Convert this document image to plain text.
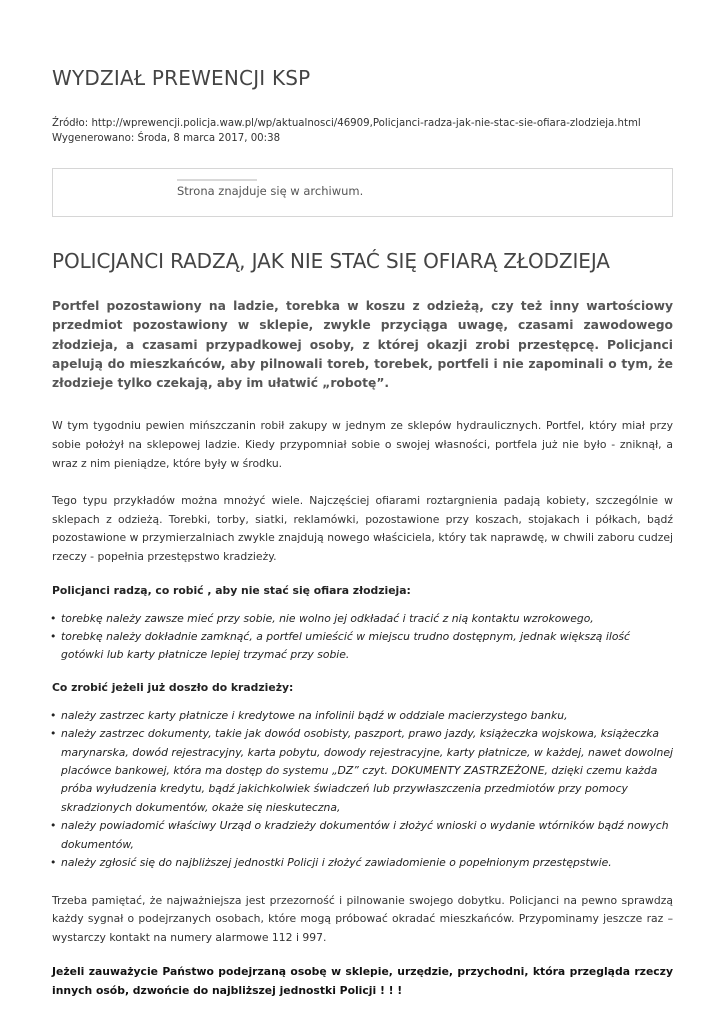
WYDZIAŁ PREWENCJI KSP
Źródło: http://wprewencji.policja.waw.pl/wp/aktualnosci/46909,Policjanci-radza-jak-nie-stac-sie-ofiara-zlodzieja.html
Wygenerowano: Środa, 8 marca 2017, 00:38
Strona znajduje się w archiwum.
POLICJANCI RADZĄ, JAK NIE STAĆ SIĘ OFIARĄ ZŁODZIEJA

Portfel pozostawiony na ladzie, torebka w koszu z odzieżą, czy też inny wartościowy przedmiot pozostawiony w sklepie, zwykle przyciąga uwagę, czasami zawodowego złodzieja, a czasami przypadkowej osoby, z której okazji zrobi przestępcę. Policjanci apelują do mieszkańców, aby pilnowali toreb, torebek, portfeli i nie zapominali o tym, że złodzieje tylko czekają, aby im ułatwić „robotę”.

W tym tygodniu pewien mińszczanin robił zakupy w jednym ze sklepów hydraulicznych. Portfel, który miał przy sobie położył na sklepowej ladzie. Kiedy przypomniał sobie o swojej własności, portfela już nie było - zniknął, a wraz z nim pieniądze, które były w środku.

Tego typu przykładów można mnożyć wiele. Najczęściej ofiarami roztargnienia padają kobiety, szczególnie w sklepach z odzieżą. Torebki, torby, siatki, reklamówki, pozostawione przy koszach, stojakach i półkach, bądź pozostawione w przymierzalniach zwykle znajdują nowego właściciela, który tak naprawdę, w chwili zaboru cudzej rzeczy - popełnia przestępstwo kradzieży.

Policjanci radzą, co robić , aby nie stać się ofiara złodzieja:

• torebkę należy zawsze mieć przy sobie, nie wolno jej odkładać i tracić z nią kontaktu wzrokowego,
• torebkę należy dokładnie zamknąć, a portfel umieścić w miejscu trudno dostępnym, jednak większą ilość gotówki lub karty płatnicze lepiej trzymać przy sobie.

Co zrobić jeżeli już doszło do kradzieży:

• należy zastrzec karty płatnicze i kredytowe na infolinii bądź w oddziale macierzystego banku,
• należy zastrzec dokumenty, takie jak dowód osobisty, paszport, prawo jazdy, książeczka wojskowa, książeczka marynarska, dowód rejestracyjny, karta pobytu, dowody rejestracyjne, karty płatnicze, w każdej, nawet dowolnej placówce bankowej, która ma dostęp do systemu „DZ” czyt. DOKUMENTY ZASTRZEŻONE, dzięki czemu każda próba wyłudzenia kredytu, bądź jakichkolwiek świadczeń lub przywłaszczenia przedmiotów przy pomocy skradzionych dokumentów, okaże się nieskuteczna,
• należy powiadomić właściwy Urząd o kradzieży dokumentów i złożyć wnioski o wydanie wtórników bądź nowych dokumentów,
• należy zgłosić się do najbliższej jednostki Policji i złożyć zawiadomienie o popełnionym przestępstwie.

Trzeba pamiętać, że najważniejsza jest przezorność i pilnowanie swojego dobytku. Policjanci na pewno sprawdzą każdy sygnał o podejrzanych osobach, które mogą próbować okradać mieszkańców. Przypominamy jeszcze raz – wystarczy kontakt na numery alarmowe 112 i 997.

Jeżeli zauważycie Państwo podejrzaną osobę w sklepie, urzędzie, przychodni, która przegląda rzeczy innych osób, dzwońcie do najbliższej jednostki Policji ! ! !
